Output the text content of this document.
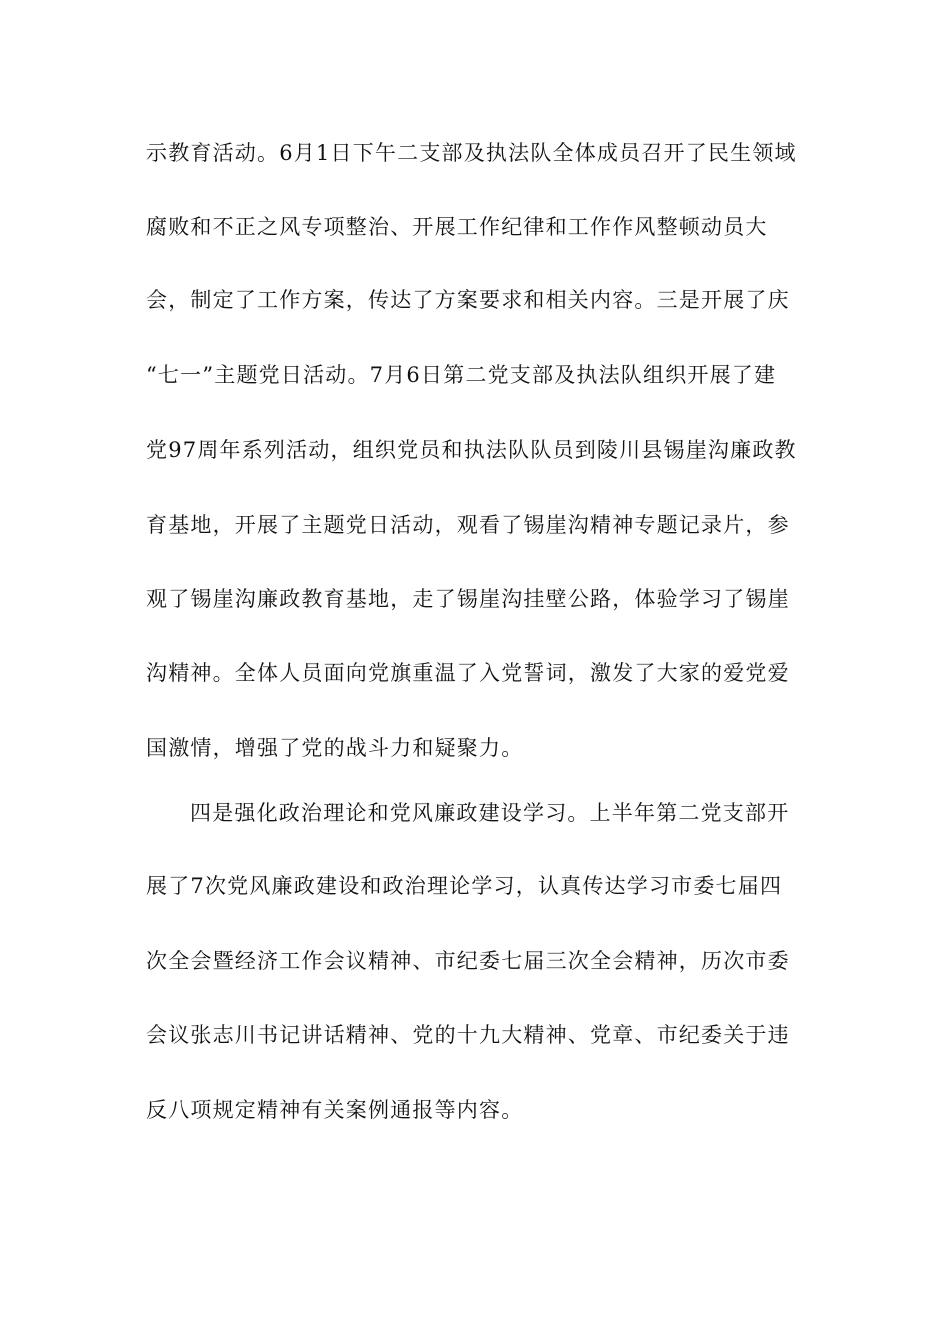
示教育活动。6月1日下午二支部及执法队全体成员召开了民生领域
腐败和不正之风专项整治、开展工作纪律和工作作风整顿动员大
会，制定了工作方案，传达了方案要求和相关内容。三是开展了庆
“七一”主题党日活动。7月6日第二党支部及执法队组织开展了建
党97周年系列活动，组织党员和执法队队员到陵川县锡崖沟廉政教
育基地，开展了主题党日活动，观看了锡崖沟精神专题记录片，参
观了锡崖沟廉政教育基地，走了锡崖沟挂壁公路，体验学习了锡崖
沟精神。全体人员面向党旗重温了入党誓词，激发了大家的爱党爱
国激情，增强了党的战斗力和疑聚力。
四是强化政治理论和党风廉政建设学习。上半年第二党支部开
展了7次党风廉政建设和政治理论学习，认真传达学习市委七届四
次全会暨经济工作会议精神、市纪委七届三次全会精神，历次市委
会议张志川书记讲话精神、党的十九大精神、党章、市纪委关于违
反八项规定精神有关案例通报等内容。
